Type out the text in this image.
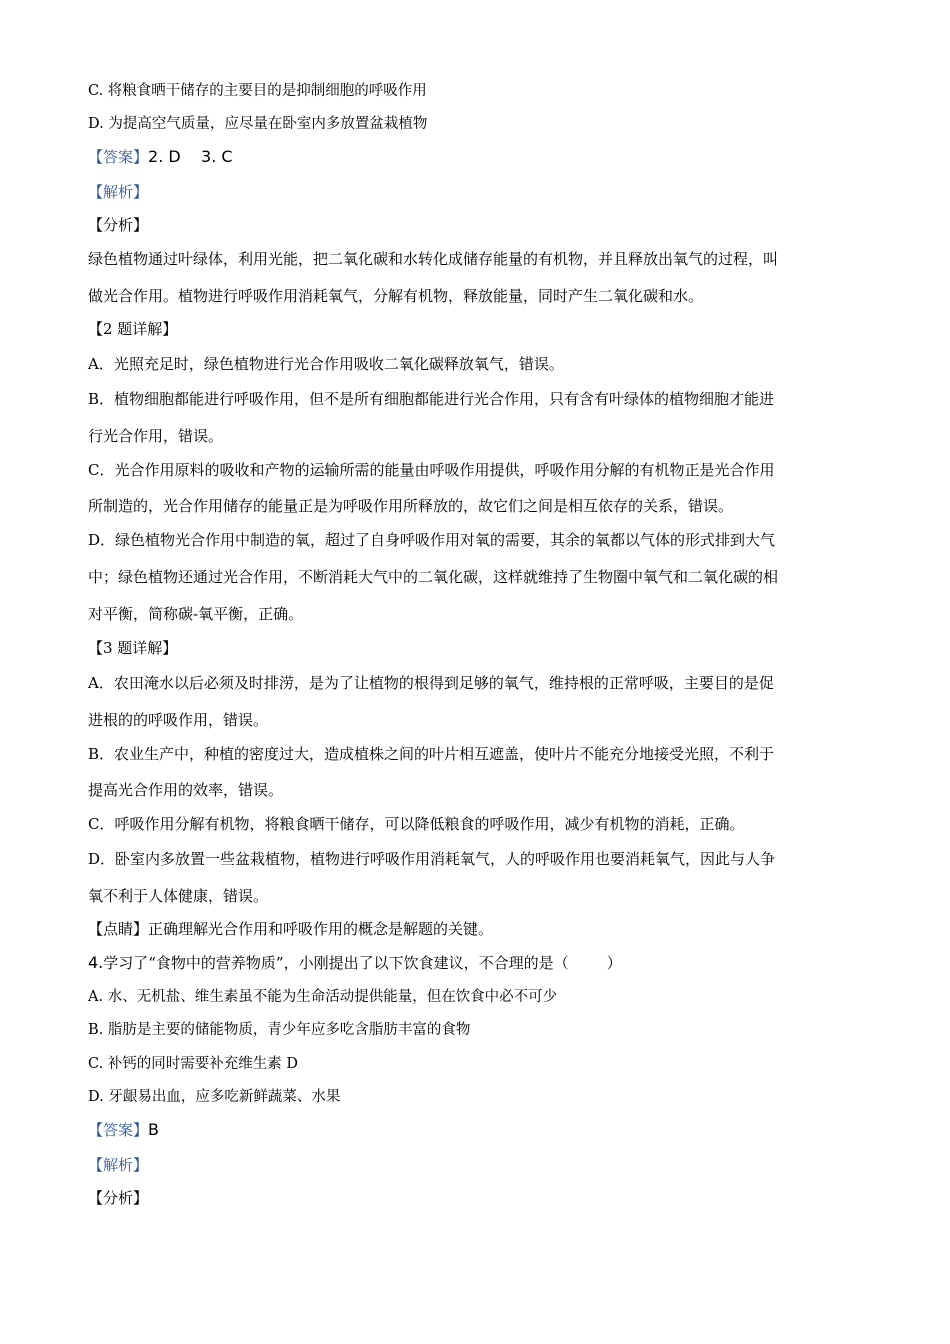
C. 将粮食晒干储存的主要目的是抑制细胞的呼吸作用
D. 为提高空气质量，应尽量在卧室内多放置盆栽植物
【答案】2. D    3. C
【解析】
【分析】
绿色植物通过叶绿体，利用光能，把二氧化碳和水转化成储存能量的有机物，并且释放出氧气的过程，叫
做光合作用。植物进行呼吸作用消耗氧气，分解有机物，释放能量，同时产生二氧化碳和水。
【2 题详解】
A．光照充足时，绿色植物进行光合作用吸收二氧化碳释放氧气，错误。
B．植物细胞都能进行呼吸作用，但不是所有细胞都能进行光合作用，只有含有叶绿体的植物细胞才能进
行光合作用，错误。
C．光合作用原料的吸收和产物的运输所需的能量由呼吸作用提供，呼吸作用分解的有机物正是光合作用
所制造的，光合作用储存的能量正是为呼吸作用所释放的，故它们之间是相互依存的关系，错误。
D．绿色植物光合作用中制造的氧，超过了自身呼吸作用对氧的需要，其余的氧都以气体的形式排到大气
中；绿色植物还通过光合作用，不断消耗大气中的二氧化碳，这样就维持了生物圈中氧气和二氧化碳的相
对平衡，简称碳-氧平衡，正确。
【3 题详解】
A．农田淹水以后必须及时排涝，是为了让植物的根得到足够的氧气，维持根的正常呼吸，主要目的是促
进根的的呼吸作用，错误。
B．农业生产中，种植的密度过大，造成植株之间的叶片相互遮盖，使叶片不能充分地接受光照，不利于
提高光合作用的效率，错误。
C．呼吸作用分解有机物，将粮食晒干储存，可以降低粮食的呼吸作用，减少有机物的消耗，正确。
D．卧室内多放置一些盆栽植物，植物进行呼吸作用消耗氧气，人的呼吸作用也要消耗氧气，因此与人争
氧不利于人体健康，错误。
【点睛】正确理解光合作用和呼吸作用的概念是解题的关键。
4.学习了“食物中的营养物质”，小刚提出了以下饮食建议，不合理的是（        ）
A. 水、无机盐、维生素虽不能为生命活动提供能量，但在饮食中必不可少
B. 脂肪是主要的储能物质，青少年应多吃含脂肪丰富的食物
C. 补钙的同时需要补充维生素 D
D. 牙龈易出血，应多吃新鲜蔬菜、水果
【答案】B
【解析】
【分析】
